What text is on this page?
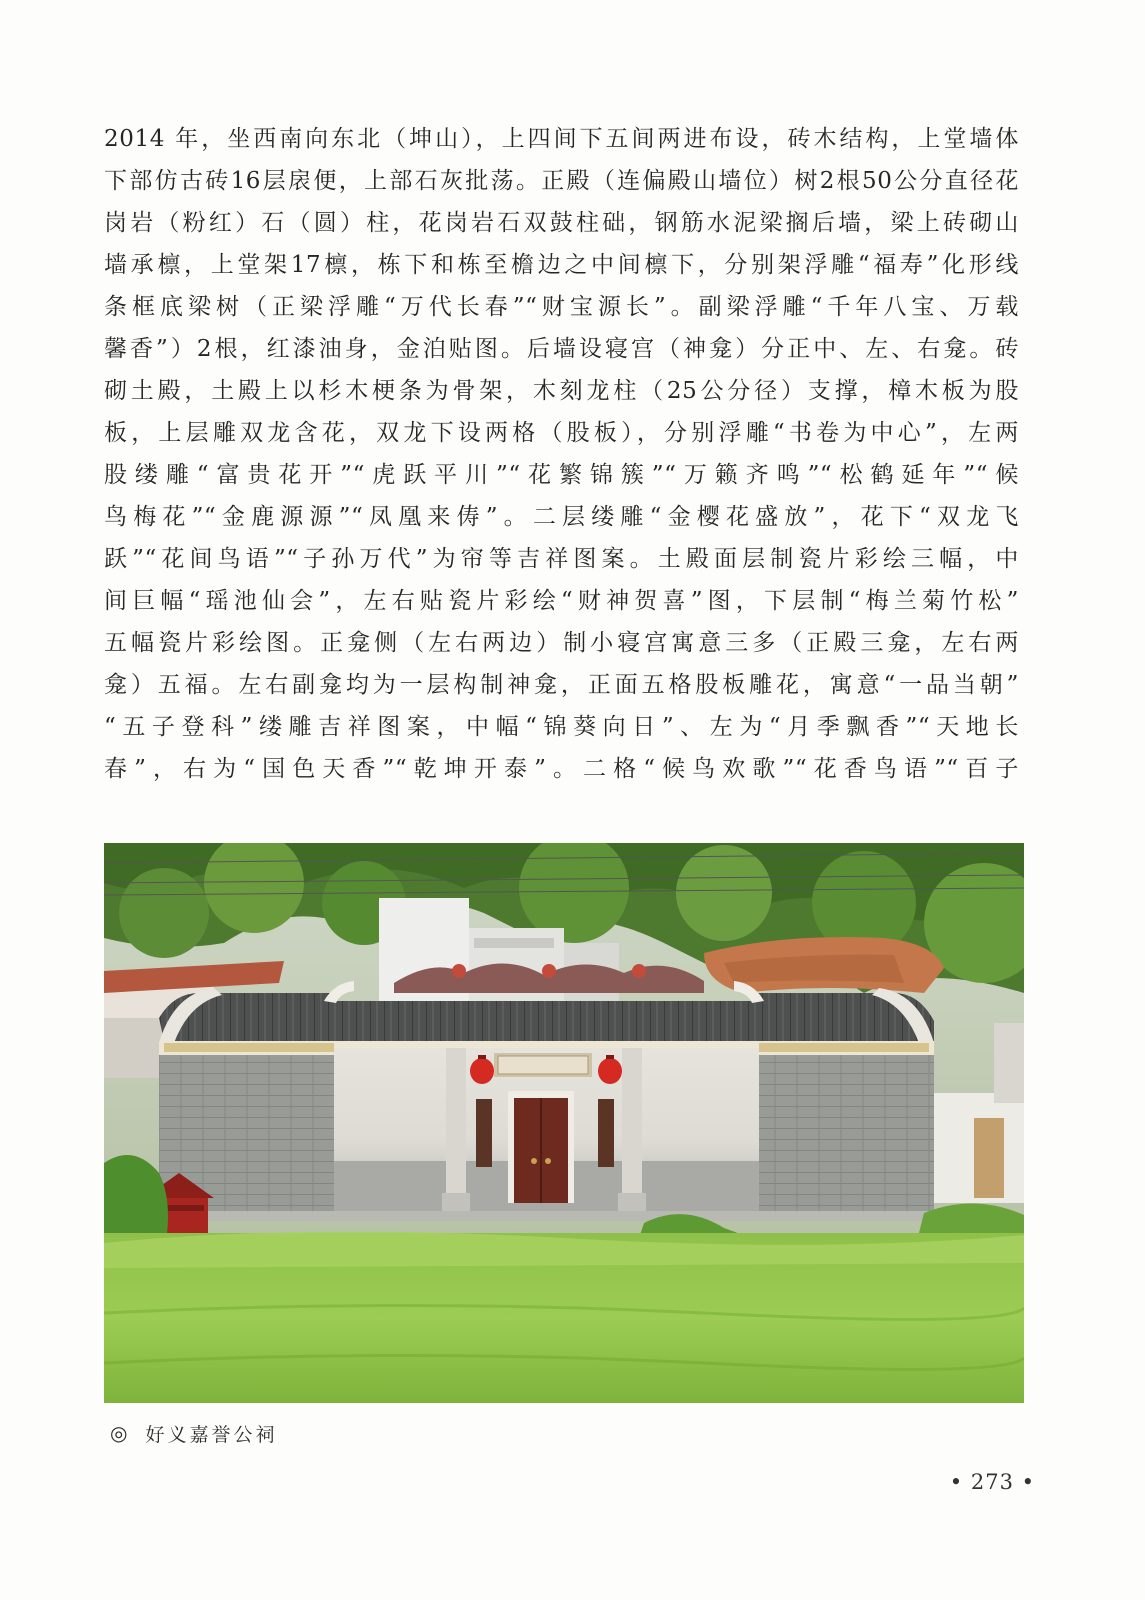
2014 年，坐西南向东北（坤山），上四间下五间两进布设，砖木结构，上堂墙体
下部仿古砖16层扆便，上部石灰批荡。正殿（连偏殿山墙位）树2根50公分直径花
岗岩（粉红）石（圆）柱，花岗岩石双鼓柱础，钢筋水泥梁搁后墙，梁上砖砌山
墙承檩，上堂架17檩，栋下和栋至檐边之中间檩下，分别架浮雕“福寿”化形线
条框底梁树（正梁浮雕“万代长春”“财宝源长”。副梁浮雕“千年八宝、万载
馨香”）2根，红漆油身，金泊贴图。后墙设寝宫（神龛）分正中、左、右龛。砖
砌土殿，土殿上以杉木梗条为骨架，木刻龙柱（25公分径）支撑，樟木板为股
板，上层雕双龙含花，双龙下设两格（股板），分别浮雕“书卷为中心”，左两
股缕雕“富贵花开”“虎跃平川”“花繁锦簇”“万籁齐鸣”“松鹤延年”“候
鸟梅花”“金鹿源源”“凤凰来俦”。二层缕雕“金樱花盛放”，花下“双龙飞
跃”“花间鸟语”“子孙万代”为帘等吉祥图案。土殿面层制瓷片彩绘三幅，中
间巨幅“瑶池仙会”，左右贴瓷片彩绘“财神贺喜”图，下层制“梅兰菊竹松”
五幅瓷片彩绘图。正龛侧（左右两边）制小寝宫寓意三多（正殿三龛，左右两
龛）五福。左右副龛均为一层构制神龛，正面五格股板雕花，寓意“一品当朝”
“五子登科”缕雕吉祥图案，中幅“锦葵向日”、左为“月季飘香”“天地长
春”，右为“国色天香”“乾坤开泰”。二格“候鸟欢歌”“花香鸟语”“百子
◎ 好义嘉誉公祠
• 273 •
